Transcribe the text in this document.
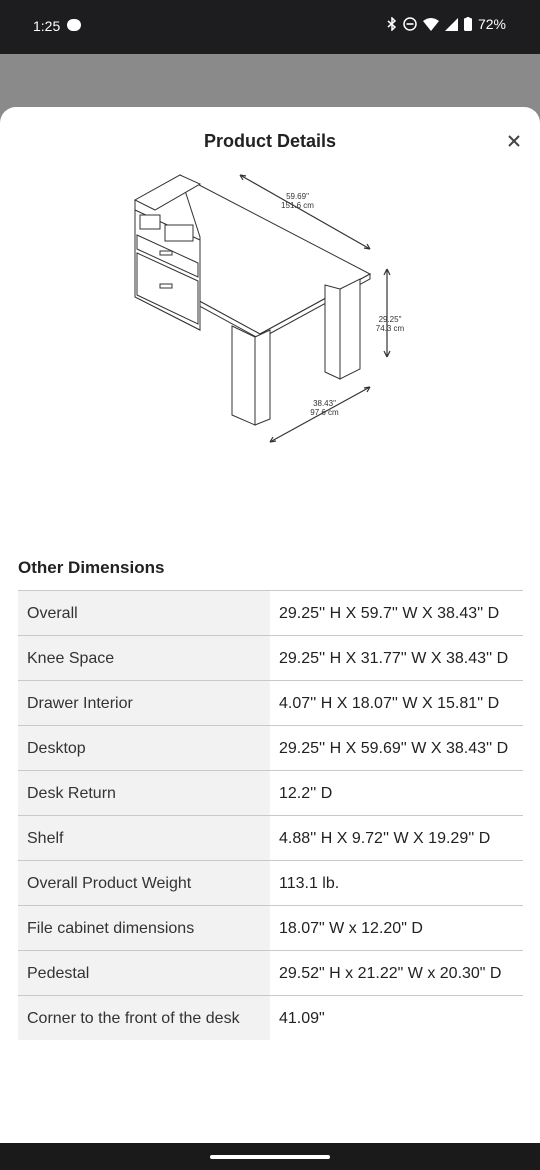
1:25	72%
Product Details
59.69"
151.6 cm
29.25"
74.3 cm
38.43"
97.6 cm
Other Dimensions
Overall	29.25'' H X 59.7'' W X 38.43'' D
Knee Space	29.25'' H X 31.77'' W X 38.43'' D
Drawer Interior	4.07'' H X 18.07'' W X 15.81'' D
Desktop	29.25'' H X 59.69'' W X 38.43'' D
Desk Return	12.2'' D
Shelf	4.88'' H X 9.72'' W X 19.29'' D
Overall Product Weight	113.1 lb.
File cabinet dimensions	18.07" W x 12.20" D
Pedestal	29.52" H x 21.22" W x 20.30" D
Corner to the front of the desk	41.09"
